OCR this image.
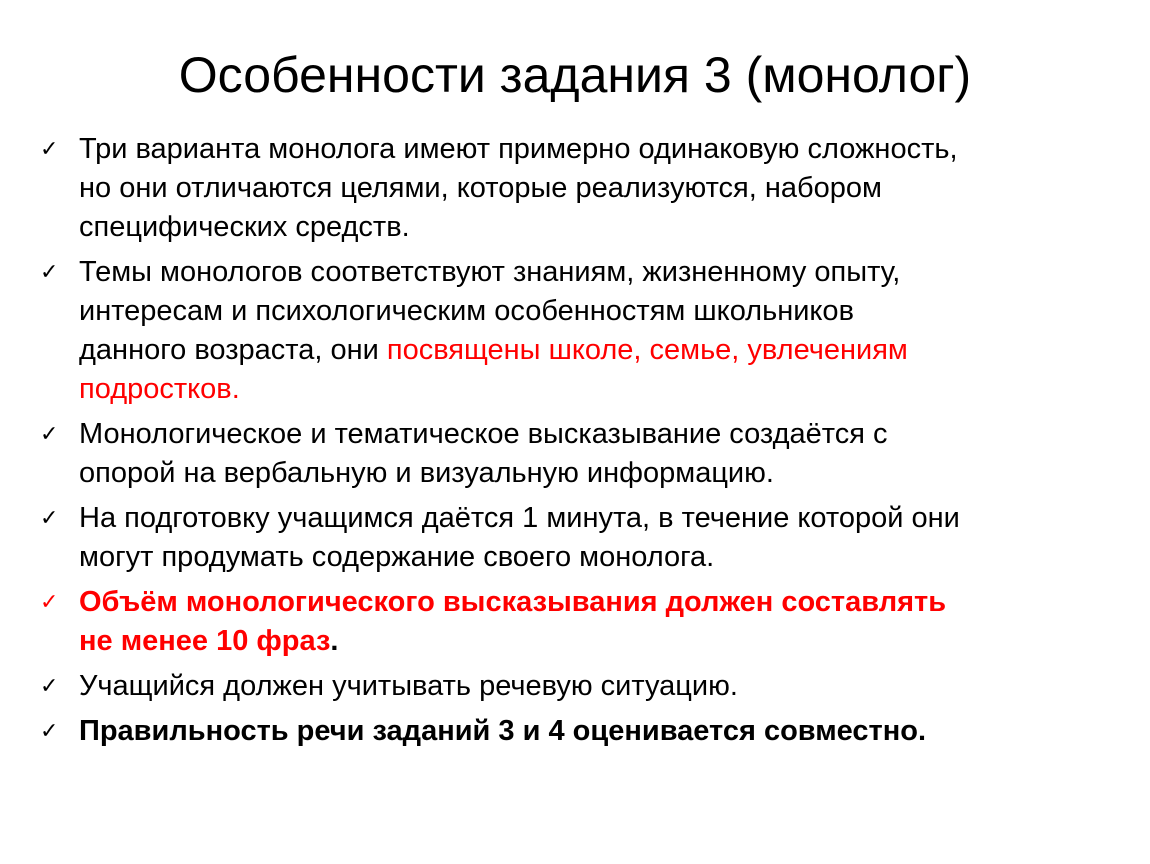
Особенности задания 3 (монолог)
✓ Три варианта монолога имеют примерно одинаковую сложность, но они отличаются целями, которые реализуются, набором специфических средств.
✓ Темы монологов соответствуют знаниям, жизненному опыту, интересам и психологическим особенностям школьников данного возраста, они посвящены школе, семье, увлечениям подростков.
✓ Монологическое и тематическое высказывание создаётся с опорой на вербальную и визуальную информацию.
✓ На подготовку учащимся даётся 1 минута, в течение которой они могут продумать содержание своего монолога.
✓ Объём монологического высказывания должен составлять не менее 10 фраз.
✓ Учащийся должен учитывать речевую ситуацию.
✓ Правильность речи заданий 3 и 4 оценивается совместно.
